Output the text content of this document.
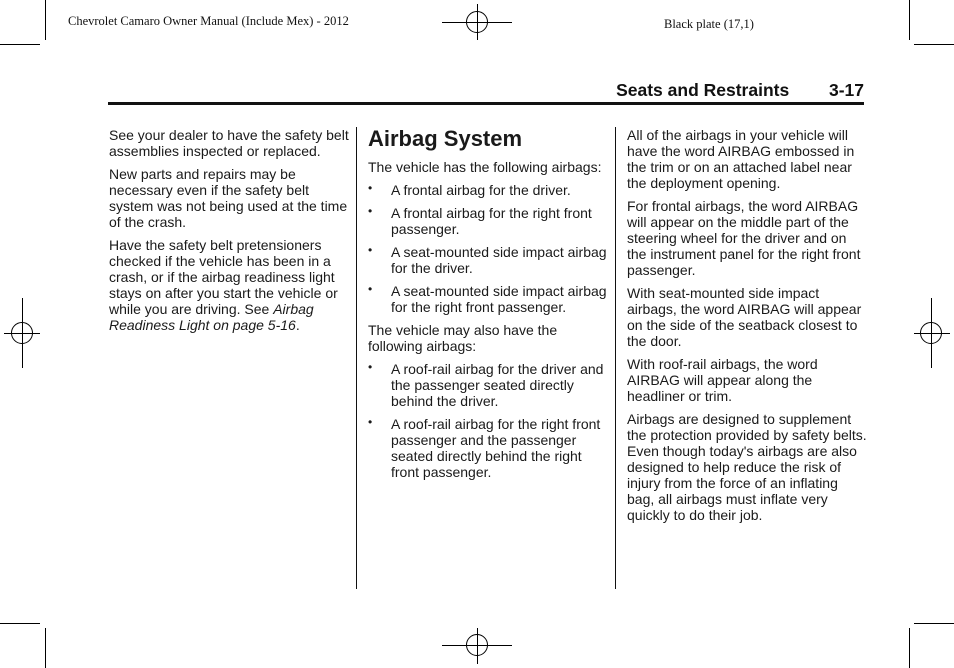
Chevrolet Camaro Owner Manual (Include Mex) - 2012	Black plate (17,1)
Seats and Restraints 3-17

See your dealer to have the safety belt assemblies inspected or replaced.

New parts and repairs may be necessary even if the safety belt system was not being used at the time of the crash.

Have the safety belt pretensioners checked if the vehicle has been in a crash, or if the airbag readiness light stays on after you start the vehicle or while you are driving. See Airbag Readiness Light on page 5-16.

Airbag System

The vehicle has the following airbags:

• A frontal airbag for the driver.
• A frontal airbag for the right front passenger.
• A seat-mounted side impact airbag for the driver.
• A seat-mounted side impact airbag for the right front passenger.

The vehicle may also have the following airbags:

• A roof-rail airbag for the driver and the passenger seated directly behind the driver.
• A roof-rail airbag for the right front passenger and the passenger seated directly behind the right front passenger.

All of the airbags in your vehicle will have the word AIRBAG embossed in the trim or on an attached label near the deployment opening.

For frontal airbags, the word AIRBAG will appear on the middle part of the steering wheel for the driver and on the instrument panel for the right front passenger.

With seat-mounted side impact airbags, the word AIRBAG will appear on the side of the seatback closest to the door.

With roof-rail airbags, the word AIRBAG will appear along the headliner or trim.

Airbags are designed to supplement the protection provided by safety belts. Even though today's airbags are also designed to help reduce the risk of injury from the force of an inflating bag, all airbags must inflate very quickly to do their job.
